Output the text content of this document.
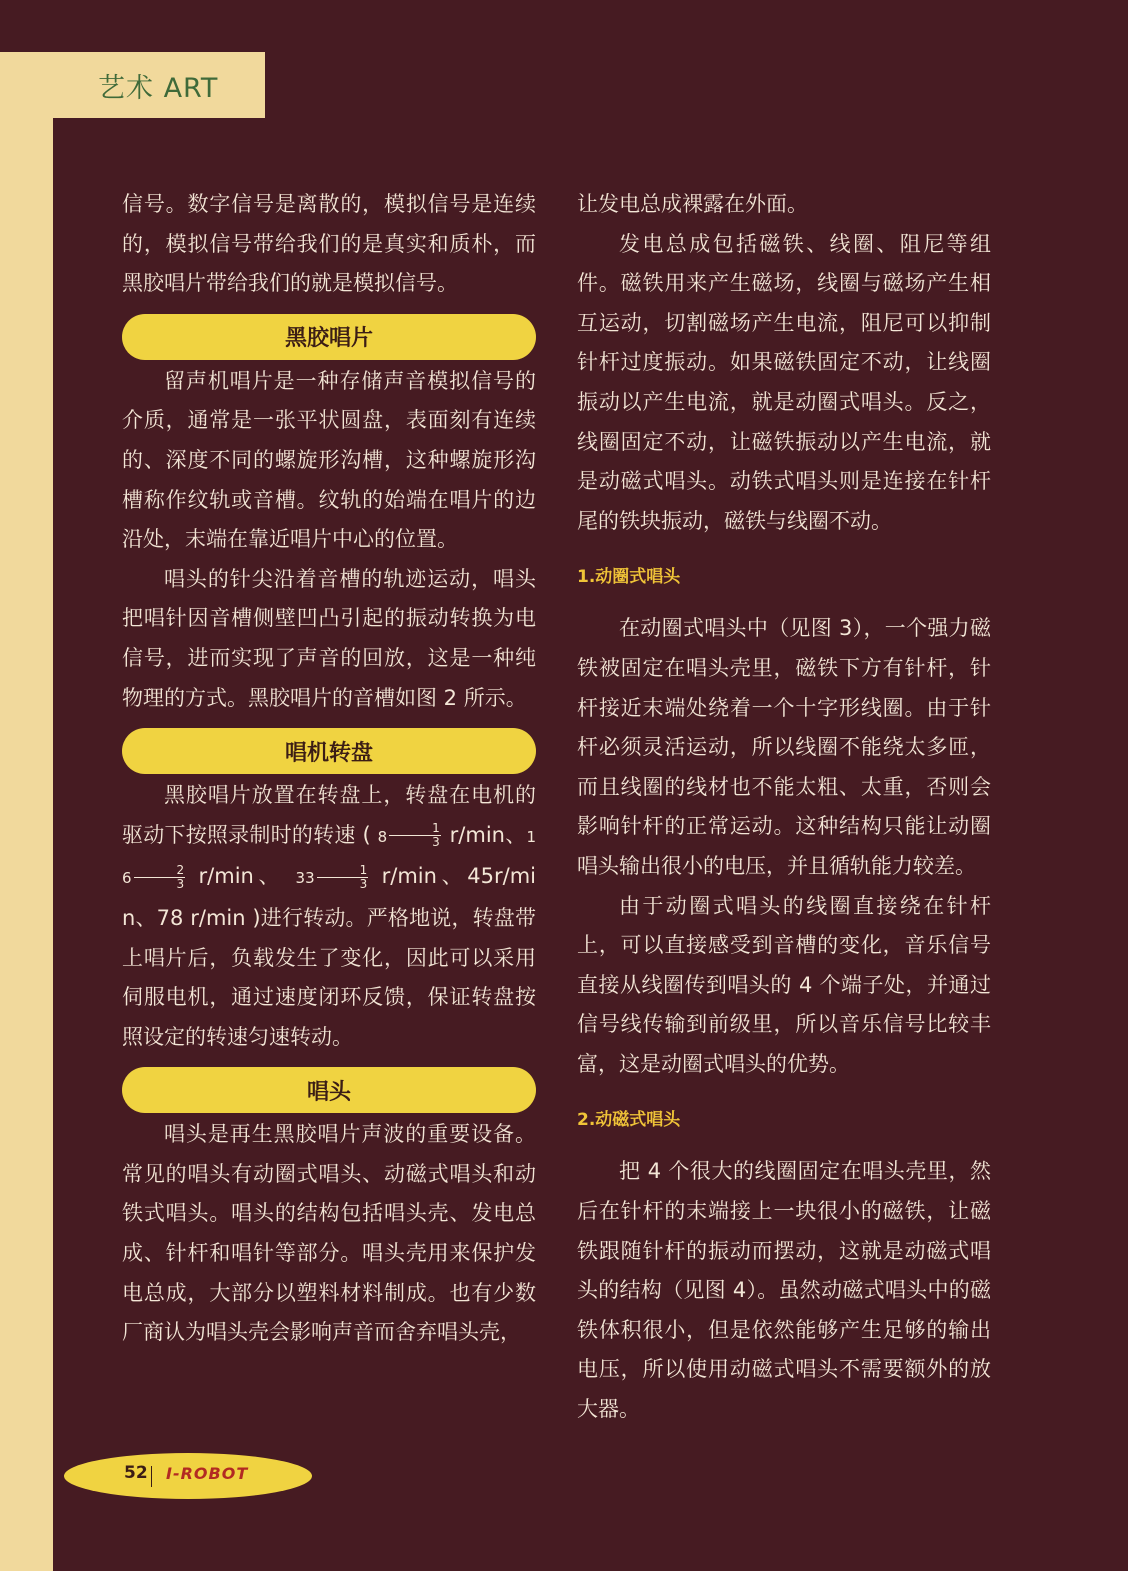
艺术 ART

信号。数字信号是离散的，模拟信号是连续的，模拟信号带给我们的是真实和质朴，而黑胶唱片带给我们的就是模拟信号。

黑胶唱片

留声机唱片是一种存储声音模拟信号的介质，通常是一张平状圆盘，表面刻有连续的、深度不同的螺旋形沟槽，这种螺旋形沟槽称作纹轨或音槽。纹轨的始端在唱片的边沿处，末端在靠近唱片中心的位置。

唱头的针尖沿着音槽的轨迹运动，唱头把唱针因音槽侧壁凹凸引起的振动转换为电信号，进而实现了声音的回放，这是一种纯物理的方式。黑胶唱片的音槽如图 2 所示。

唱机转盘

黑胶唱片放置在转盘上，转盘在电机的驱动下按照录制时的转速 ( $8 \frac{1}{3} r/\min$、$16 \frac{2}{3} r/\min$、 $33 \frac{1}{3} r/\min$、45r/min、78 r/min )进行转动。严格地说，转盘带上唱片后，负载发生了变化，因此可以采用伺服电机，通过速度闭环反馈，保证转盘按照设定的转速匀速转动。

唱头

唱头是再生黑胶唱片声波的重要设备。常见的唱头有动圈式唱头、动磁式唱头和动铁式唱头。唱头的结构包括唱头壳、发电总成、针杆和唱针等部分。唱头壳用来保护发电总成，大部分以塑料材料制成。也有少数厂商认为唱头壳会影响声音而舍弃唱头壳，

让发电总成裸露在外面。

发电总成包括磁铁、线圈、阻尼等组件。磁铁用来产生磁场，线圈与磁场产生相互运动，切割磁场产生电流，阻尼可以抑制针杆过度振动。如果磁铁固定不动，让线圈振动以产生电流，就是动圈式唱头。反之，线圈固定不动，让磁铁振动以产生电流，就是动磁式唱头。动铁式唱头则是连接在针杆尾的铁块振动，磁铁与线圈不动。

1.动圈式唱头

在动圈式唱头中（见图 3），一个强力磁铁被固定在唱头壳里，磁铁下方有针杆，针杆接近末端处绕着一个十字形线圈。由于针杆必须灵活运动，所以线圈不能绕太多匝，而且线圈的线材也不能太粗、太重，否则会影响针杆的正常运动。这种结构只能让动圈唱头输出很小的电压，并且循轨能力较差。

由于动圈式唱头的线圈直接绕在针杆上，可以直接感受到音槽的变化，音乐信号直接从线圈传到唱头的 4 个端子处，并通过信号线传输到前级里，所以音乐信号比较丰富，这是动圈式唱头的优势。

2.动磁式唱头

把 4 个很大的线圈固定在唱头壳里，然后在针杆的末端接上一块很小的磁铁，让磁铁跟随针杆的振动而摆动，这就是动磁式唱头的结构（见图 4）。虽然动磁式唱头中的磁铁体积很小，但是依然能够产生足够的输出电压，所以使用动磁式唱头不需要额外的放大器。

52 I-ROBOT
